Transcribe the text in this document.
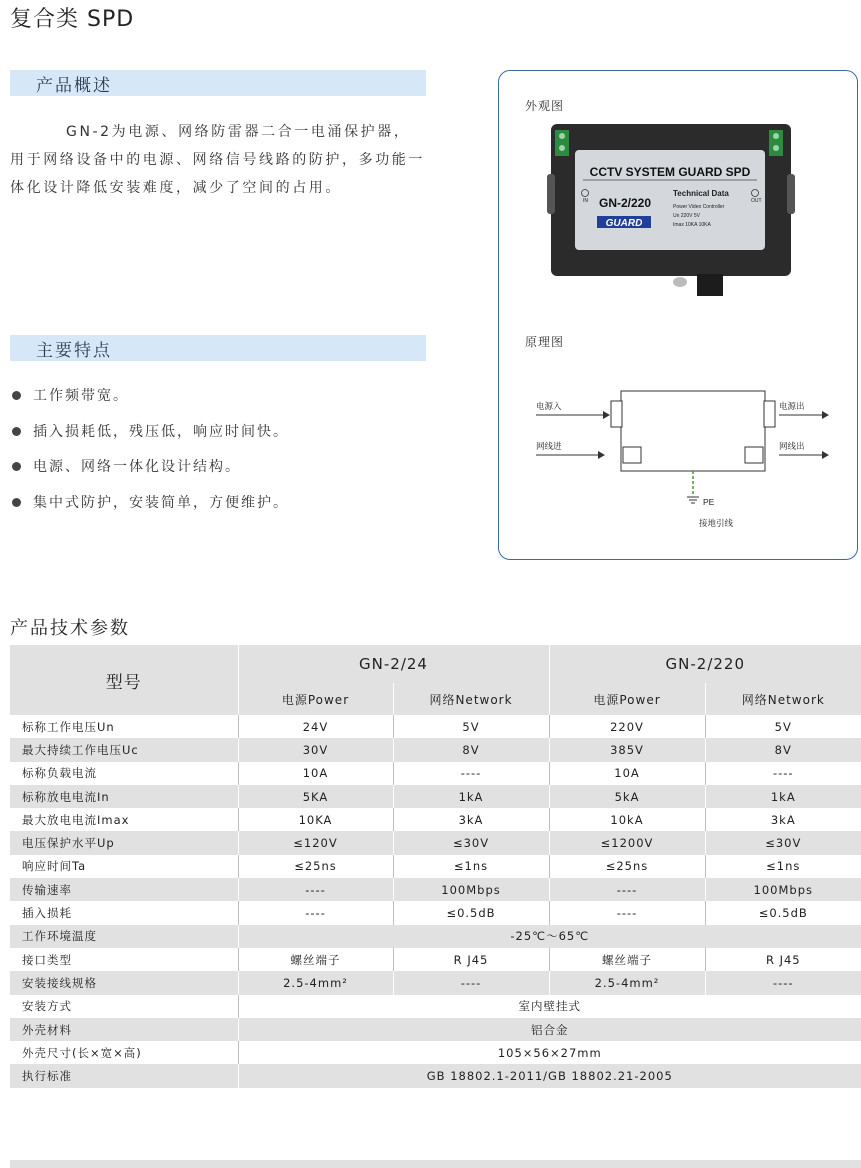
复合类 SPD
产品概述

GN-2为电源、网络防雷器二合一电涌保护器，用于网络设备中的电源、网络信号线路的防护，多功能一体化设计降低安装难度，减少了空间的占用。

主要特点
工作频带宽。
插入损耗低，残压低，响应时间快。
电源、网络一体化设计结构。
集中式防护，安装简单，方便维护。
外观图
CCTV SYSTEM GUARD SPD
GN-2/220
GUARD
Technical Data
Power Video Controller
Un 220V 5V
Imax 10KA 10KA
IN	OUT
原理图
电源入
网线进
电源出
网线出
PE
接地引线
产品技术参数
型号	GN-2/24		GN-2/220	
	电源Power	网络Network	电源Power	网络Network
标称工作电压Un	24V	5V	220V	5V
最大持续工作电压Uc	30V	8V	385V	8V
标称负载电流	10A	----	10A	----
标称放电电流In	5KA	1kA	5kA	1kA
最大放电电流Imax	10KA	3kA	10kA	3kA
电压保护水平Up	≤120V	≤30V	≤1200V	≤30V
响应时间Ta	≤25ns	≤1ns	≤25ns	≤1ns
传输速率	----	100Mbps	----	100Mbps
插入损耗	----	≤0.5dB	----	≤0.5dB
工作环境温度	-25℃～65℃			
接口类型	螺丝端子	R J45	螺丝端子	R J45
安装接线规格	2.5-4mm²	----	2.5-4mm²	----
安装方式	室内壁挂式			
外壳材料	铝合金			
外壳尺寸(长×宽×高)	105×56×27mm			
执行标准	GB 18802.1-2011/GB 18802.21-2005			
